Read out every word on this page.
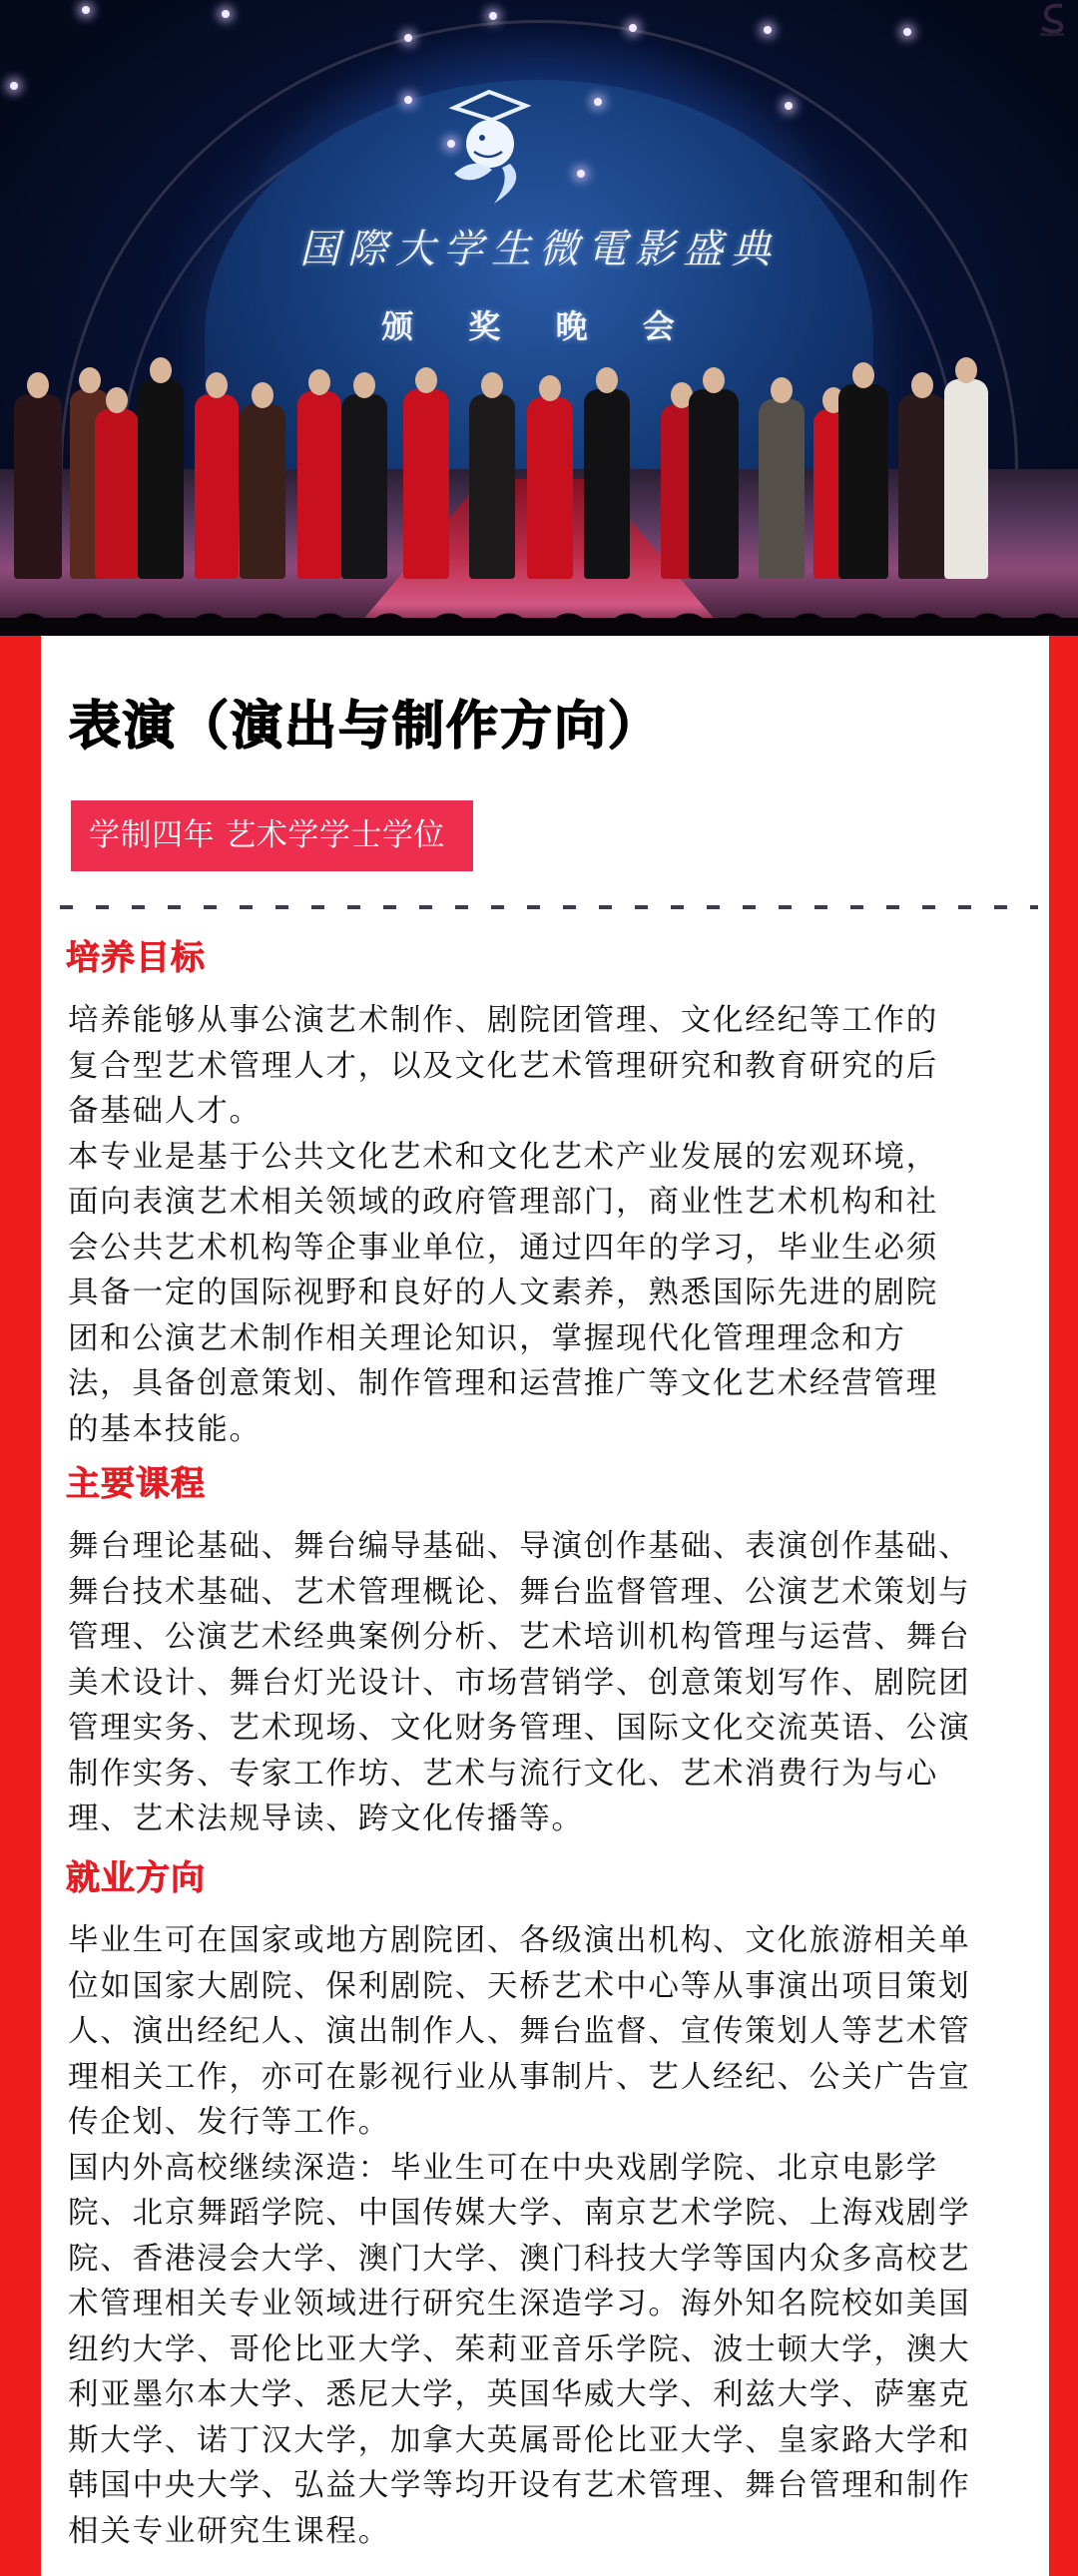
国際大学生微電影盛典
颁 奖 晚 会
表演（演出与制作方向）
学制四年 艺术学学士学位
培养目标
培养能够从事公演艺术制作、剧院团管理、文化经纪等工作的
复合型艺术管理人才，以及文化艺术管理研究和教育研究的后
备基础人才。
本专业是基于公共文化艺术和文化艺术产业发展的宏观环境，
面向表演艺术相关领域的政府管理部门，商业性艺术机构和社
会公共艺术机构等企事业单位，通过四年的学习，毕业生必须
具备一定的国际视野和良好的人文素养，熟悉国际先进的剧院
团和公演艺术制作相关理论知识，掌握现代化管理理念和方
法，具备创意策划、制作管理和运营推广等文化艺术经营管理
的基本技能。
主要课程
舞台理论基础、舞台编导基础、导演创作基础、表演创作基础、
舞台技术基础、艺术管理概论、舞台监督管理、公演艺术策划与
管理、公演艺术经典案例分析、艺术培训机构管理与运营、舞台
美术设计、舞台灯光设计、市场营销学、创意策划写作、剧院团
管理实务、艺术现场、文化财务管理、国际文化交流英语、公演
制作实务、专家工作坊、艺术与流行文化、艺术消费行为与心
理、艺术法规导读、跨文化传播等。
就业方向
毕业生可在国家或地方剧院团、各级演出机构、文化旅游相关单
位如国家大剧院、保利剧院、天桥艺术中心等从事演出项目策划
人、演出经纪人、演出制作人、舞台监督、宣传策划人等艺术管
理相关工作，亦可在影视行业从事制片、艺人经纪、公关广告宣
传企划、发行等工作。
国内外高校继续深造：毕业生可在中央戏剧学院、北京电影学
院、北京舞蹈学院、中国传媒大学、南京艺术学院、上海戏剧学
院、香港浸会大学、澳门大学、澳门科技大学等国内众多高校艺
术管理相关专业领域进行研究生深造学习。海外知名院校如美国
纽约大学、哥伦比亚大学、茱莉亚音乐学院、波士顿大学，澳大
利亚墨尔本大学、悉尼大学，英国华威大学、利兹大学、萨塞克
斯大学、诺丁汉大学，加拿大英属哥伦比亚大学、皇家路大学和
韩国中央大学、弘益大学等均开设有艺术管理、舞台管理和制作
相关专业研究生课程。
